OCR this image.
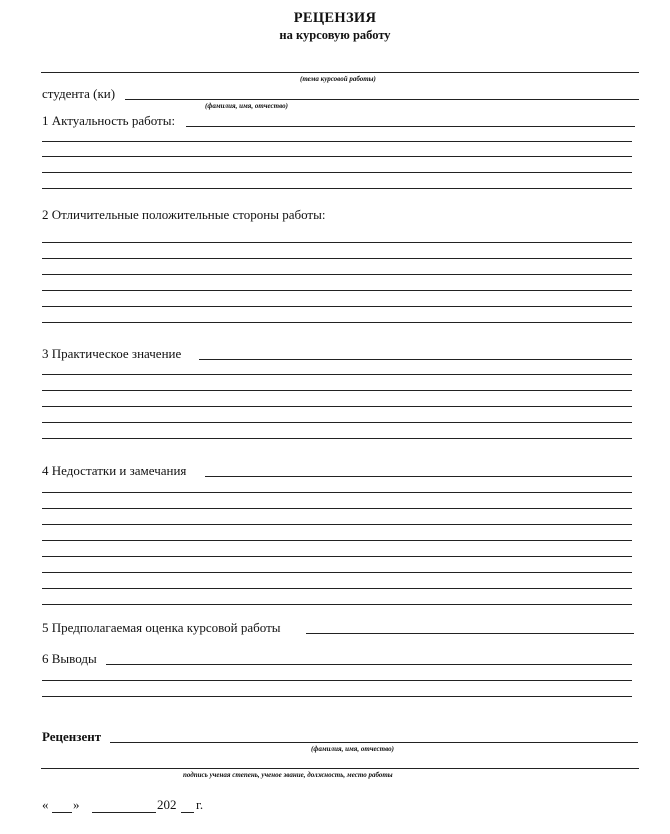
РЕЦЕНЗИЯ
на курсовую работу
(тема курсовой работы)
студента (ки)
(фамилия, имя, отчество)
1 Актуальность работы:
2 Отличительные положительные стороны работы:
3 Практическое значение
4 Недостатки и замечания
5 Предполагаемая оценка курсовой работы
6 Выводы
Рецензент
(фамилия, имя, отчество)
подпись ученая степень, ученое звание, должность, место работы
« »	202 г.
